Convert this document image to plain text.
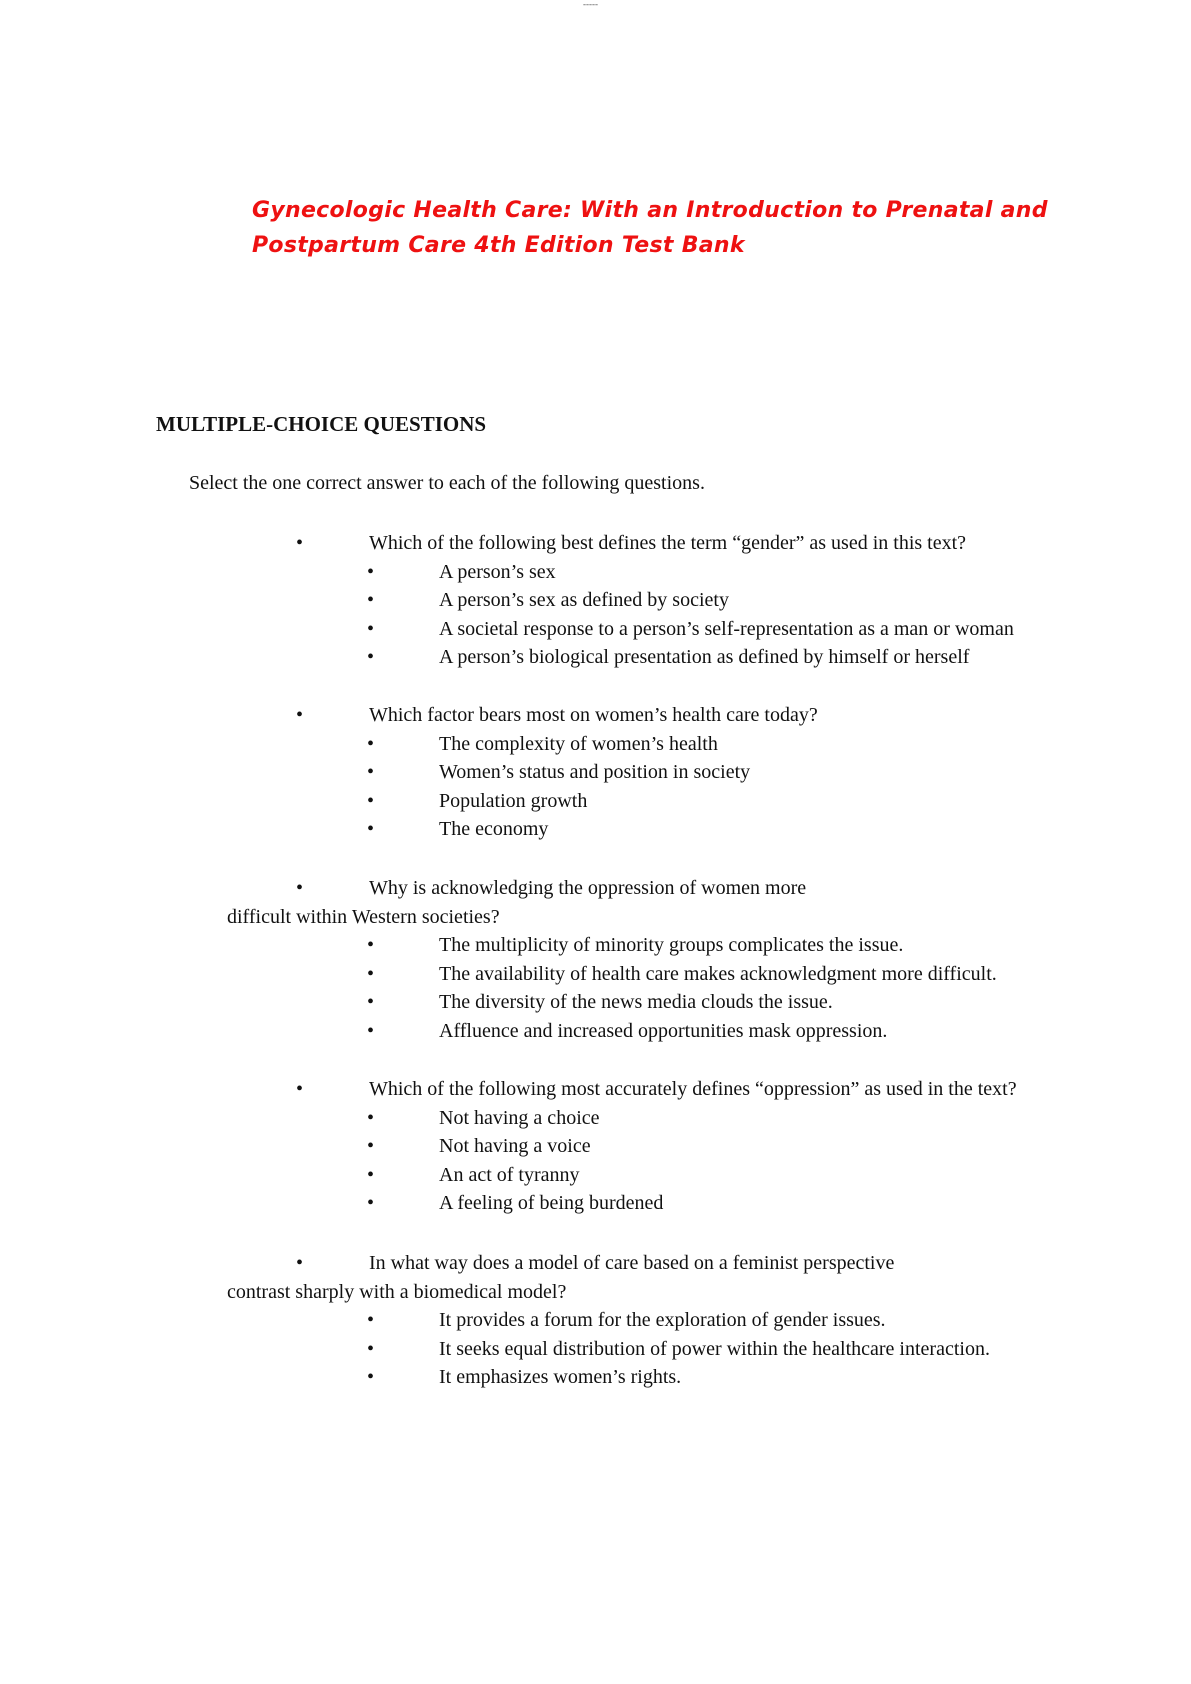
-----
Gynecologic Health Care: With an Introduction to Prenatal and
Postpartum Care 4th Edition Test Bank
MULTIPLE-CHOICE QUESTIONS
Select the one correct answer to each of the following questions.
•	Which of the following best defines the term “gender” as used in this text?
•	A person’s sex
•	A person’s sex as defined by society
•	A societal response to a person’s self-representation as a man or woman
•	A person’s biological presentation as defined by himself or herself
•	Which factor bears most on women’s health care today?
•	The complexity of women’s health
•	Women’s status and position in society
•	Population growth
•	The economy
•	Why is acknowledging the oppression of women more
difficult within Western societies?
•	The multiplicity of minority groups complicates the issue.
•	The availability of health care makes acknowledgment more difficult.
•	The diversity of the news media clouds the issue.
•	Affluence and increased opportunities mask oppression.
•	Which of the following most accurately defines “oppression” as used in the text?
•	Not having a choice
•	Not having a voice
•	An act of tyranny
•	A feeling of being burdened
•	In what way does a model of care based on a feminist perspective
contrast sharply with a biomedical model?
•	It provides a forum for the exploration of gender issues.
•	It seeks equal distribution of power within the healthcare interaction.
•	It emphasizes women’s rights.
